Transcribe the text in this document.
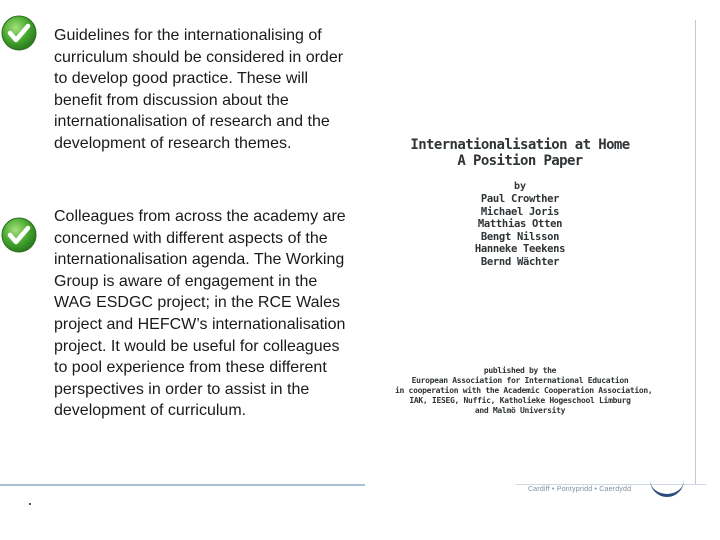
Guidelines for the internationalising of curriculum should be considered in order to develop good practice. These will benefit from discussion about the internationalisation of research and the development of research themes.
Colleagues from across the academy are concerned with different aspects of the internationalisation agenda. The Working Group is aware of engagement in the WAG ESDGC project; in the RCE Wales project and HEFCW’s internationalisation project. It would be useful for colleagues to pool experience from these different perspectives in order to assist in the development of curriculum.
Internationalisation at Home
A Position Paper
by
Paul Crowther
Michael Joris
Matthias Otten
Bengt Nilsson
Hanneke Teekens
Bernd Wächter
published by the
European Association for International Education
in cooperation with the Academic Cooperation Association,
IAK, IESEG, Nuffic, Katholieke Hogeschool Limburg
and Malmö University
Cardiff • Pontypridd • Caerdydd
